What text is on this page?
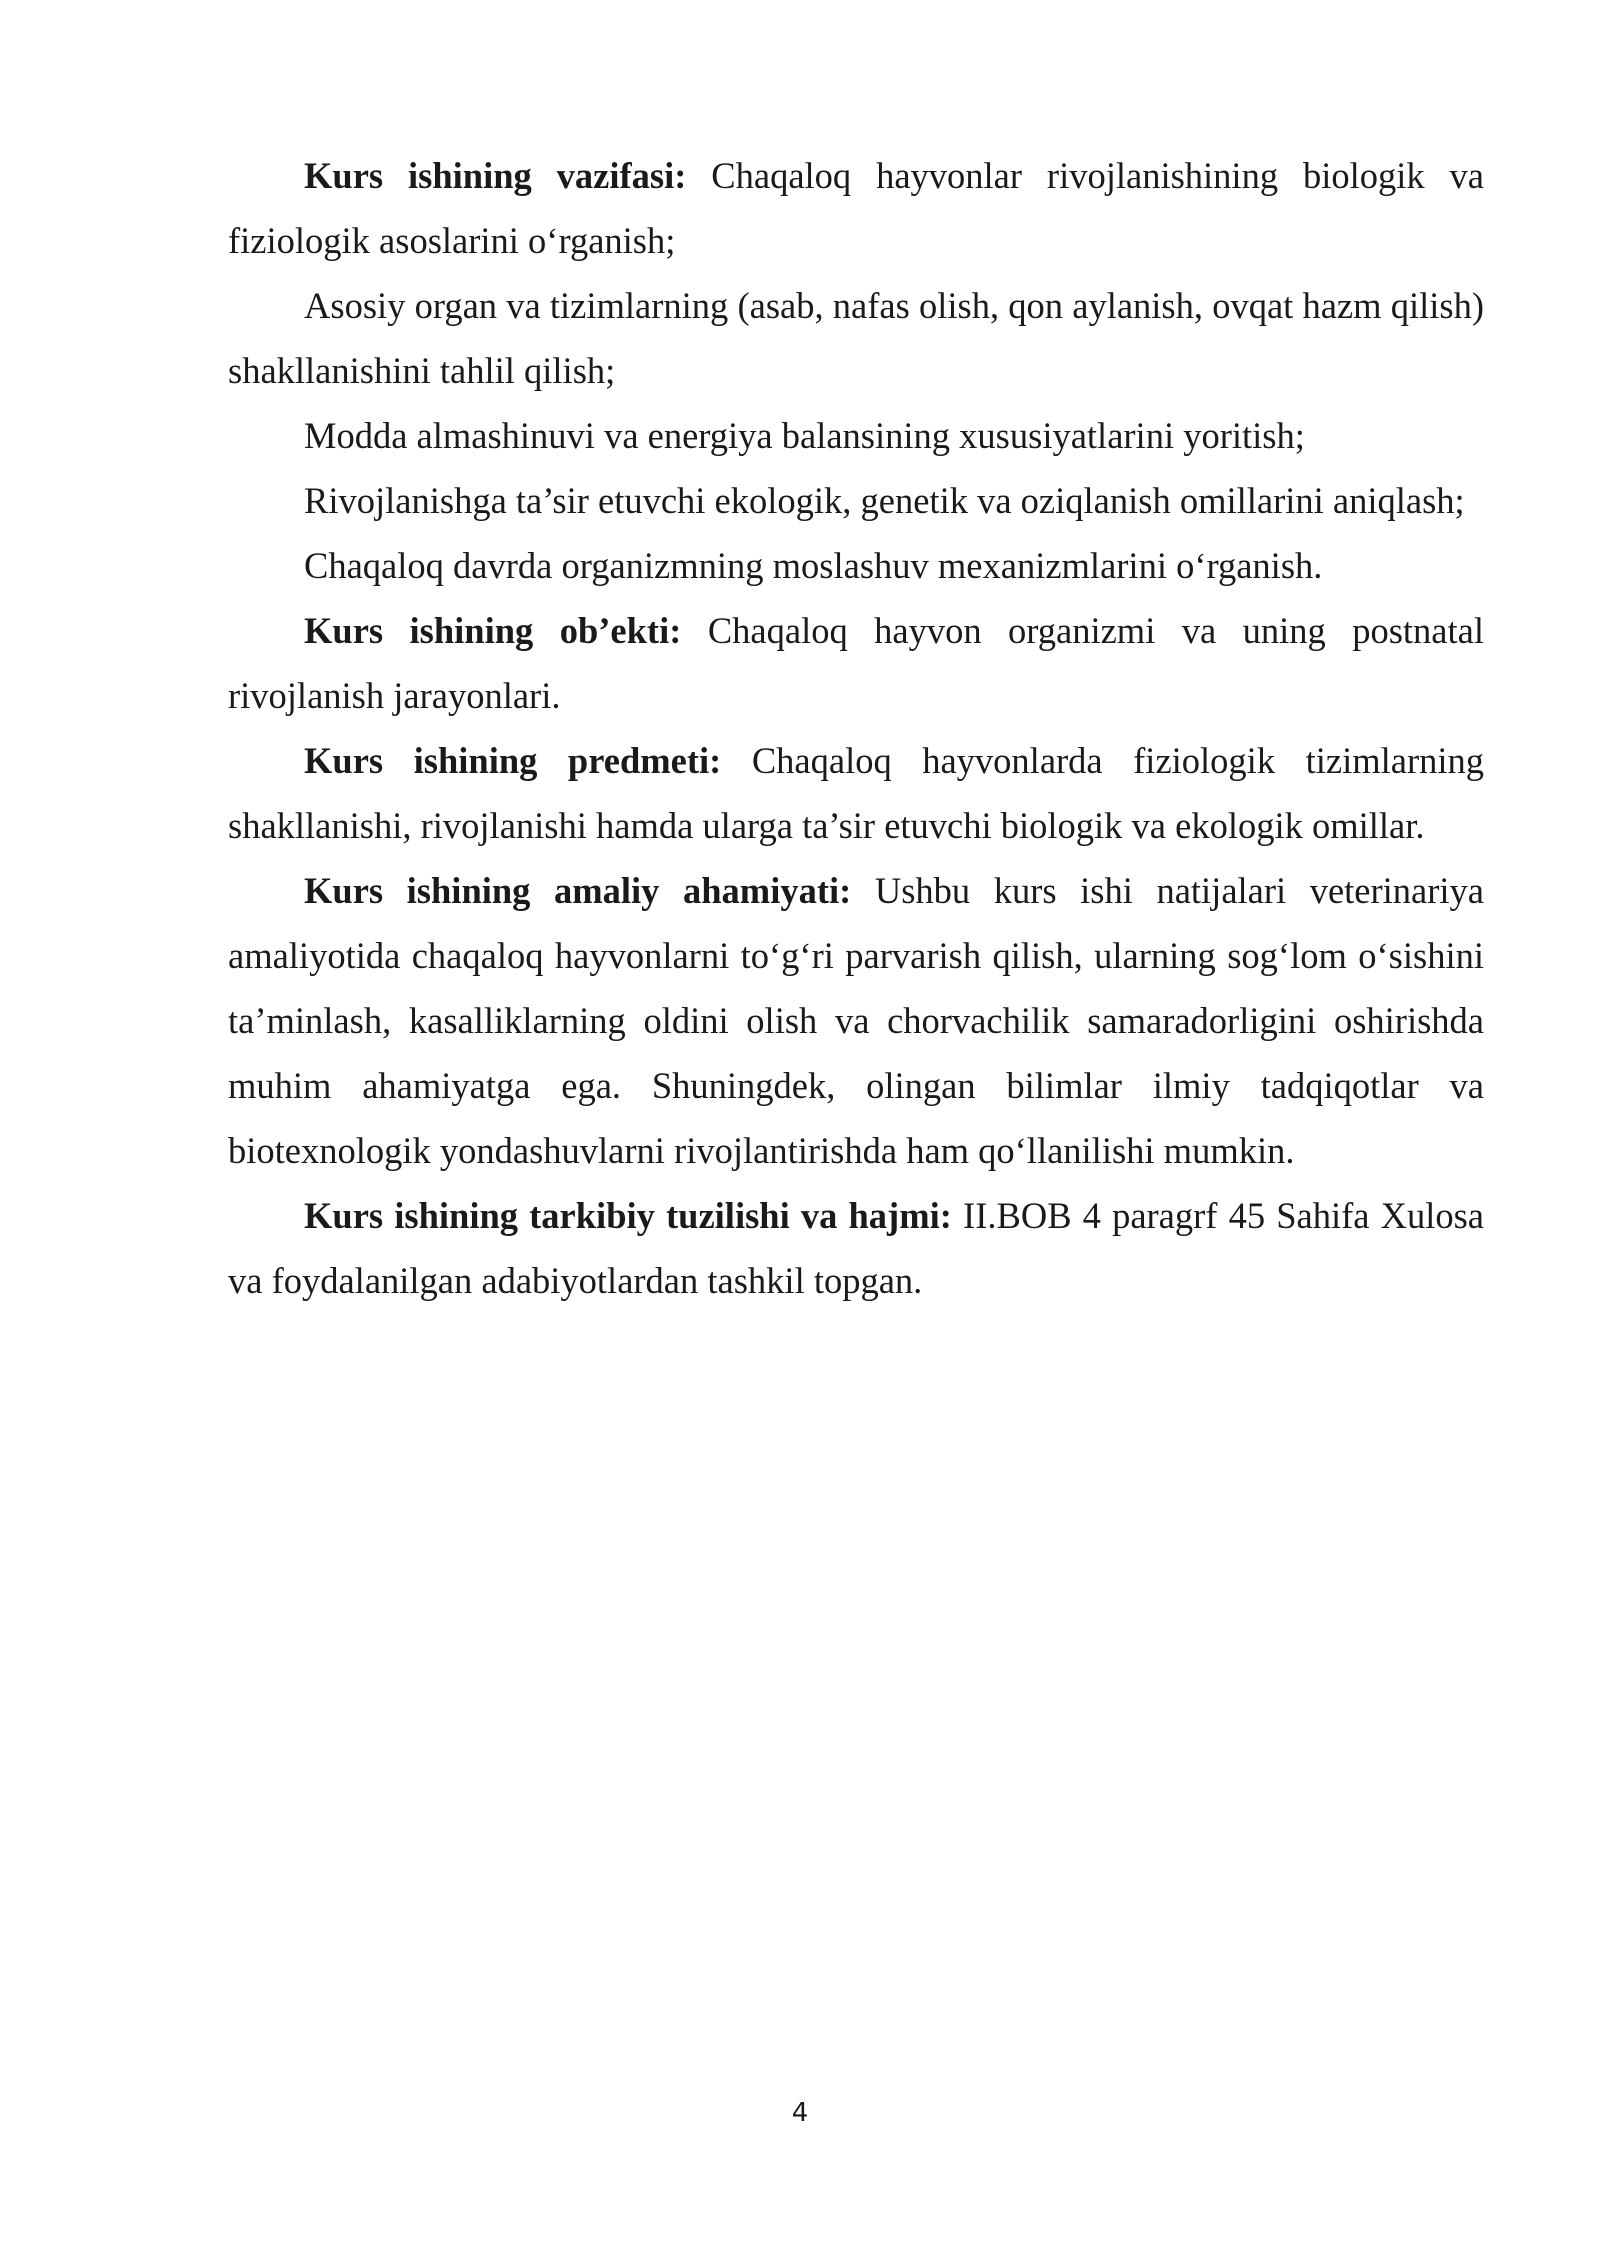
Kurs ishining vazifasi: Chaqaloq hayvonlar rivojlanishining biologik va fiziologik asoslarini o‘rganish;

Asosiy organ va tizimlarning (asab, nafas olish, qon aylanish, ovqat hazm qilish) shakllanishini tahlil qilish;

Modda almashinuvi va energiya balansining xususiyatlarini yoritish;

Rivojlanishga ta’sir etuvchi ekologik, genetik va oziqlanish omillarini aniqlash;

Chaqaloq davrda organizmning moslashuv mexanizmlarini o‘rganish.

Kurs ishining ob’ekti: Chaqaloq hayvon organizmi va uning postnatal rivojlanish jarayonlari.

Kurs ishining predmeti: Chaqaloq hayvonlarda fiziologik tizimlarning shakllanishi, rivojlanishi hamda ularga ta’sir etuvchi biologik va ekologik omillar.

Kurs ishining amaliy ahamiyati: Ushbu kurs ishi natijalari veterinariya amaliyotida chaqaloq hayvonlarni to‘g‘ri parvarish qilish, ularning sog‘lom o‘sishini ta’minlash, kasalliklarning oldini olish va chorvachilik samaradorligini oshirishda muhim ahamiyatga ega. Shuningdek, olingan bilimlar ilmiy tadqiqotlar va biotexnologik yondashuvlarni rivojlantirishda ham qo‘llanilishi mumkin.

Kurs ishining tarkibiy tuzilishi va hajmi: II.BOB 4 paragrf 45 Sahifa Xulosa va foydalanilgan adabiyotlardan tashkil topgan.

4
